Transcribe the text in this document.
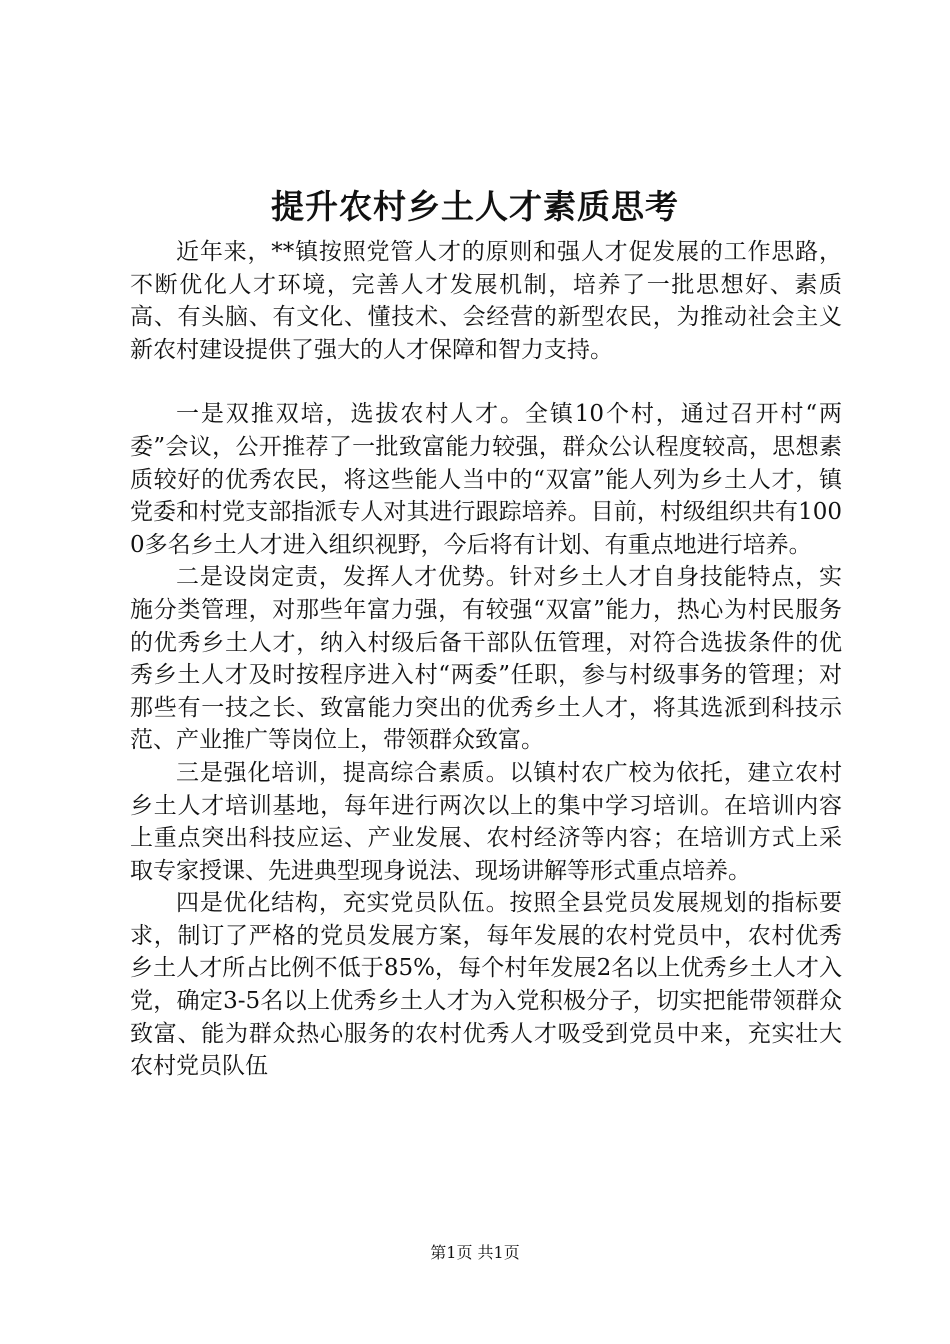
提升农村乡土人才素质思考

近年来，**镇按照党管人才的原则和强人才促发展的工作思路，不断优化人才环境，完善人才发展机制，培养了一批思想好、素质高、有头脑、有文化、懂技术、会经营的新型农民，为推动社会主义新农村建设提供了强大的人才保障和智力支持。

一是双推双培，选拔农村人才。全镇10个村，通过召开村“两委”会议，公开推荐了一批致富能力较强，群众公认程度较高，思想素质较好的优秀农民，将这些能人当中的“双富”能人列为乡土人才，镇党委和村党支部指派专人对其进行跟踪培养。目前，村级组织共有1000多名乡土人才进入组织视野，今后将有计划、有重点地进行培养。

二是设岗定责，发挥人才优势。针对乡土人才自身技能特点，实施分类管理，对那些年富力强，有较强“双富”能力，热心为村民服务的优秀乡土人才，纳入村级后备干部队伍管理，对符合选拔条件的优秀乡土人才及时按程序进入村“两委”任职，参与村级事务的管理；对那些有一技之长、致富能力突出的优秀乡土人才，将其选派到科技示范、产业推广等岗位上，带领群众致富。

三是强化培训，提高综合素质。以镇村农广校为依托，建立农村乡土人才培训基地，每年进行两次以上的集中学习培训。在培训内容上重点突出科技应运、产业发展、农村经济等内容；在培训方式上采取专家授课、先进典型现身说法、现场讲解等形式重点培养。

四是优化结构，充实党员队伍。按照全县党员发展规划的指标要求，制订了严格的党员发展方案，每年发展的农村党员中，农村优秀乡土人才所占比例不低于85%，每个村年发展2名以上优秀乡土人才入党，确定3-5名以上优秀乡土人才为入党积极分子，切实把能带领群众致富、能为群众热心服务的农村优秀人才吸受到党员中来，充实壮大农村党员队伍

第1页 共1页
